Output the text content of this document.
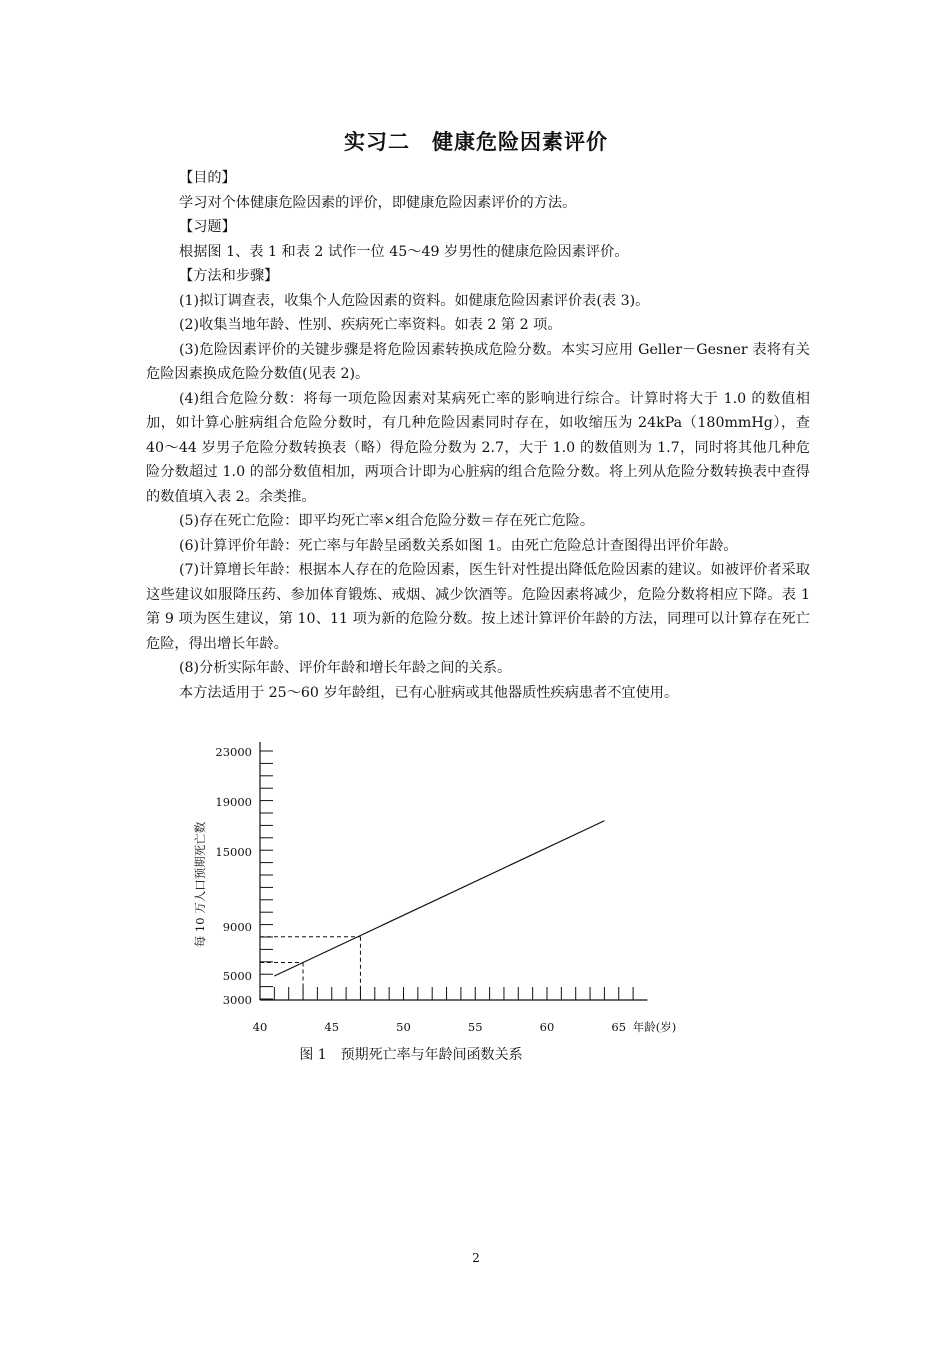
实习二　健康危险因素评价

【目的】

学习对个体健康危险因素的评价，即健康危险因素评价的方法。

【习题】

根据图 1、表 1 和表 2 试作一位 45～49 岁男性的健康危险因素评价。

【方法和步骤】

(1)拟订调查表，收集个人危险因素的资料。如健康危险因素评价表(表 3)。

(2)收集当地年龄、性别、疾病死亡率资料。如表 2 第 2 项。

(3)危险因素评价的关键步骤是将危险因素转换成危险分数。本实习应用 Geller－Gesner 表将有关危险因素换成危险分数值(见表 2)。

(4)组合危险分数：将每一项危险因素对某病死亡率的影响进行综合。计算时将大于 1.0 的数值相加，如计算心脏病组合危险分数时，有几种危险因素同时存在，如收缩压为 24kPa（180mmHg），查 40～44 岁男子危险分数转换表（略）得危险分数为 2.7，大于 1.0 的数值则为 1.7，同时将其他几种危险分数超过 1.0 的部分数值相加，两项合计即为心脏病的组合危险分数。将上列从危险分数转换表中查得的数值填入表 2。余类推。

(5)存在死亡危险：即平均死亡率×组合危险分数＝存在死亡危险。

(6)计算评价年龄：死亡率与年龄呈函数关系如图 1。由死亡危险总计查图得出评价年龄。

(7)计算增长年龄：根据本人存在的危险因素，医生针对性提出降低危险因素的建议。如被评价者采取这些建议如服降压药、参加体育锻炼、戒烟、减少饮酒等。危险因素将减少，危险分数将相应下降。表 1 第 9 项为医生建议，第 10、11 项为新的危险分数。按上述计算评价年龄的方法，同理可以计算存在死亡危险，得出增长年龄。

(8)分析实际年龄、评价年龄和增长年龄之间的关系。

本方法适用于 25～60 岁年龄组，已有心脏病或其他器质性疾病患者不宜使用。

3000
5000
9000
15000
19000
23000
40	45	50	55	60	65 年龄(岁)
每 10 万人口预期死亡数
图 1　预期死亡率与年龄间函数关系
2
